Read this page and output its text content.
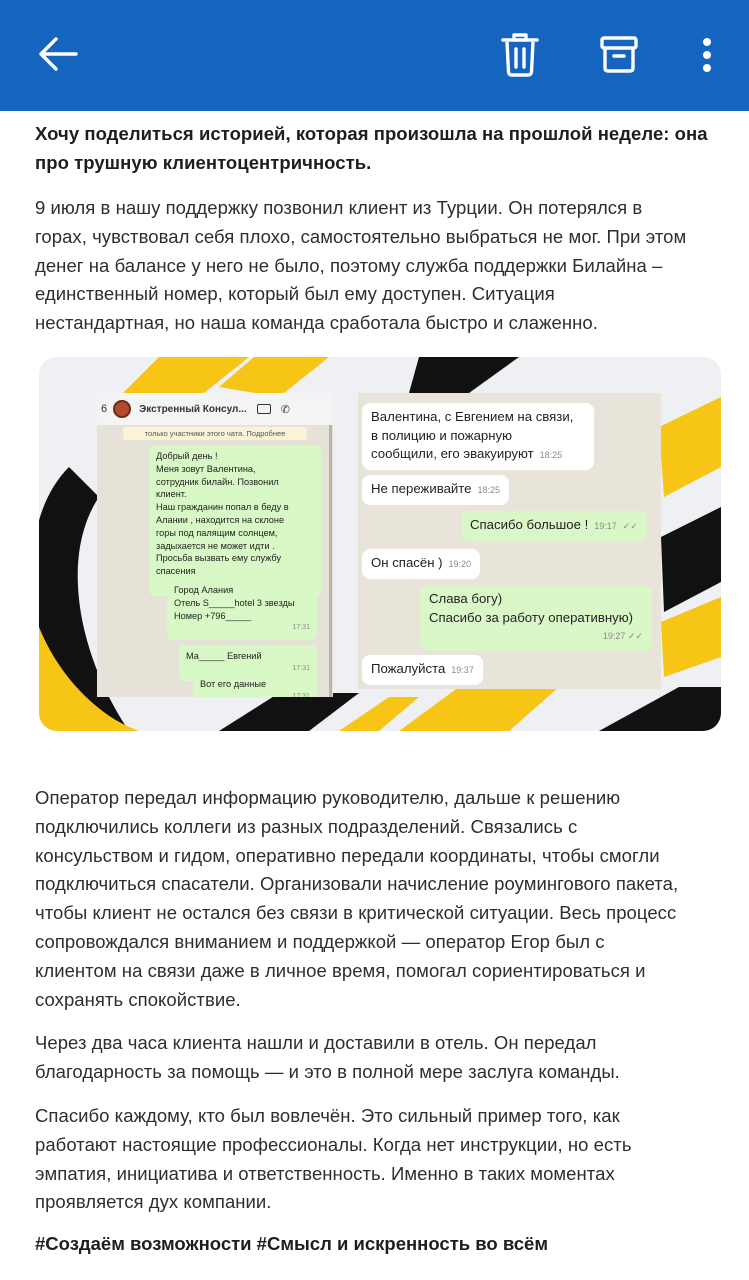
Хочу поделиться историей, которая произошла на прошлой неделе: она про трушную клиентоцентричность.

9 июля в нашу поддержку позвонил клиент из Турции. Он потерялся в
горах, чувствовал себя плохо, самостоятельно выбраться не мог. При этом
денег на балансе у него не было, поэтому служба поддержки Билайна –
единственный номер, который был ему доступен. Ситуация
нестандартная, но наша команда сработала быстро и слаженно.

6	Экстренный Консул...	✆
только участники этого чата. Подробнее
Добрый день !
Меня зовут Валентина,
сотрудник билайн. Позвонил
клиент.
Наш гражданин попал в беду в
Алании , находится на склоне
горы под палящим солнцем,
задыхается не может идти .
Просьба вызвать ему службу
спасения
Город Алания
Отель S_____hotel 3 звезды
Номер +796_____
17:31
Ма_____ Евгений
17:31
Вот его данные
17:31
Валентина, с Евгением на связи,
в полицию и пожарную
сообщили, его эвакуируют 18:25
Не переживайте 18:25
Спасибо большое ! 19:17 ✓✓
Он спасён ) 19:20
Слава богу)
Спасибо за работу оперативную)
19:27 ✓✓
Пожалуйста 19:37

Оператор передал информацию руководителю, дальше к решению
подключились коллеги из разных подразделений. Связались с
консульством и гидом, оперативно передали координаты, чтобы смогли
подключиться спасатели. Организовали начисление роумингового пакета,
чтобы клиент не остался без связи в критической ситуации. Весь процесс
сопровождался вниманием и поддержкой — оператор Егор был с
клиентом на связи даже в личное время, помогал сориентироваться и
сохранять спокойствие.

Через два часа клиента нашли и доставили в отель. Он передал
благодарность за помощь — и это в полной мере заслуга команды.

Спасибо каждому, кто был вовлечён. Это сильный пример того, как
работают настоящие профессионалы. Когда нет инструкции, но есть
эмпатия, инициатива и ответственность. Именно в таких моментах
проявляется дух компании.

#Создаём возможности #Смысл и искренность во всём
